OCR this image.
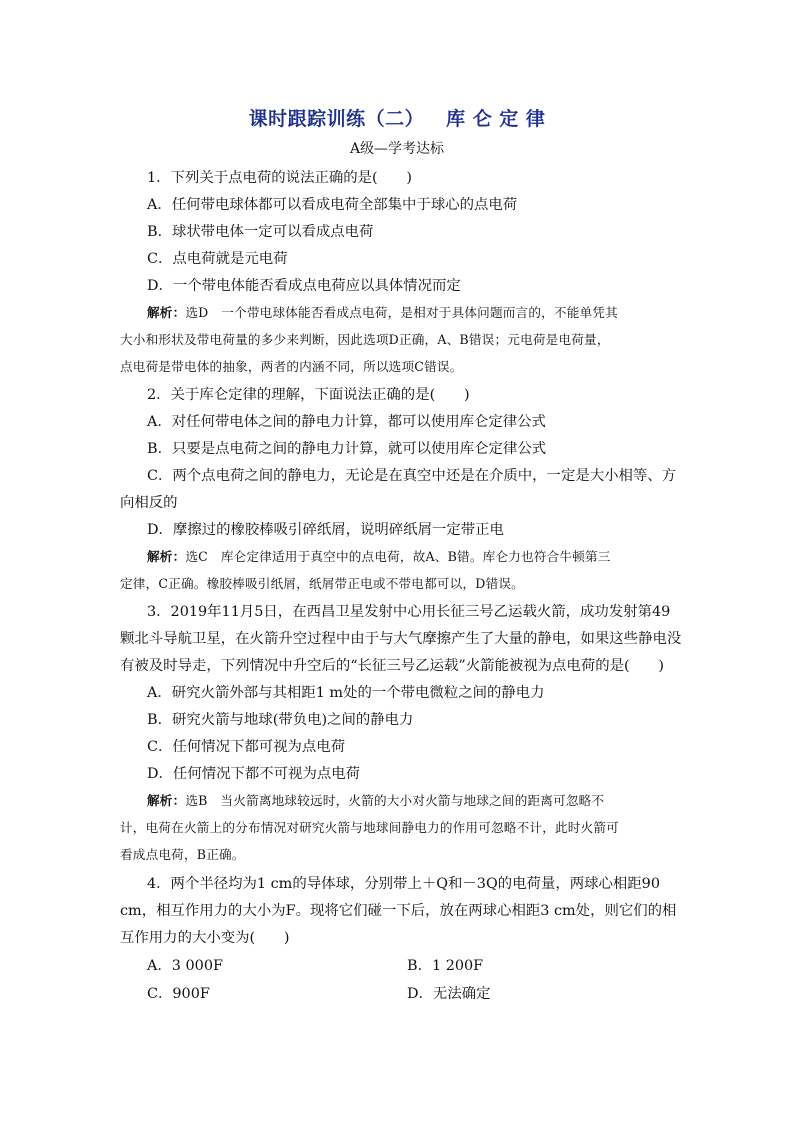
课时跟踪训练（二） 库 仑 定 律
A级—学考达标
1．下列关于点电荷的说法正确的是(　　)
A．任何带电球体都可以看成电荷全部集中于球心的点电荷
B．球状带电体一定可以看成点电荷
C．点电荷就是元电荷
D．一个带电体能否看成点电荷应以具体情况而定
解析：选D　一个带电球体能否看成点电荷，是相对于具体问题而言的，不能单凭其
大小和形状及带电荷量的多少来判断，因此选项D正确，A、B错误；元电荷是电荷量，
点电荷是带电体的抽象，两者的内涵不同，所以选项C错误。
2．关于库仑定律的理解，下面说法正确的是(　　)
A．对任何带电体之间的静电力计算，都可以使用库仑定律公式
B．只要是点电荷之间的静电力计算，就可以使用库仑定律公式
C．两个点电荷之间的静电力，无论是在真空中还是在介质中，一定是大小相等、方
向相反的
D．摩擦过的橡胶棒吸引碎纸屑，说明碎纸屑一定带正电
解析：选C　库仑定律适用于真空中的点电荷，故A、B错。库仑力也符合牛顿第三
定律，C正确。橡胶棒吸引纸屑，纸屑带正电或不带电都可以，D错误。
3．2019年11月5日，在西昌卫星发射中心用长征三号乙运载火箭，成功发射第49
颗北斗导航卫星，在火箭升空过程中由于与大气摩擦产生了大量的静电，如果这些静电没
有被及时导走，下列情况中升空后的“长征三号乙运载”火箭能被视为点电荷的是(　　)
A．研究火箭外部与其相距1 m处的一个带电微粒之间的静电力
B．研究火箭与地球(带负电)之间的静电力
C．任何情况下都可视为点电荷
D．任何情况下都不可视为点电荷
解析：选B　当火箭离地球较远时，火箭的大小对火箭与地球之间的距离可忽略不
计，电荷在火箭上的分布情况对研究火箭与地球间静电力的作用可忽略不计，此时火箭可
看成点电荷，B正确。
4．两个半径均为1 cm的导体球，分别带上＋Q和－3Q的电荷量，两球心相距90
cm，相互作用力的大小为F。现将它们碰一下后，放在两球心相距3 cm处，则它们的相
互作用力的大小变为(　　)
A．3 000F	B．1 200F
C．900F	D．无法确定
